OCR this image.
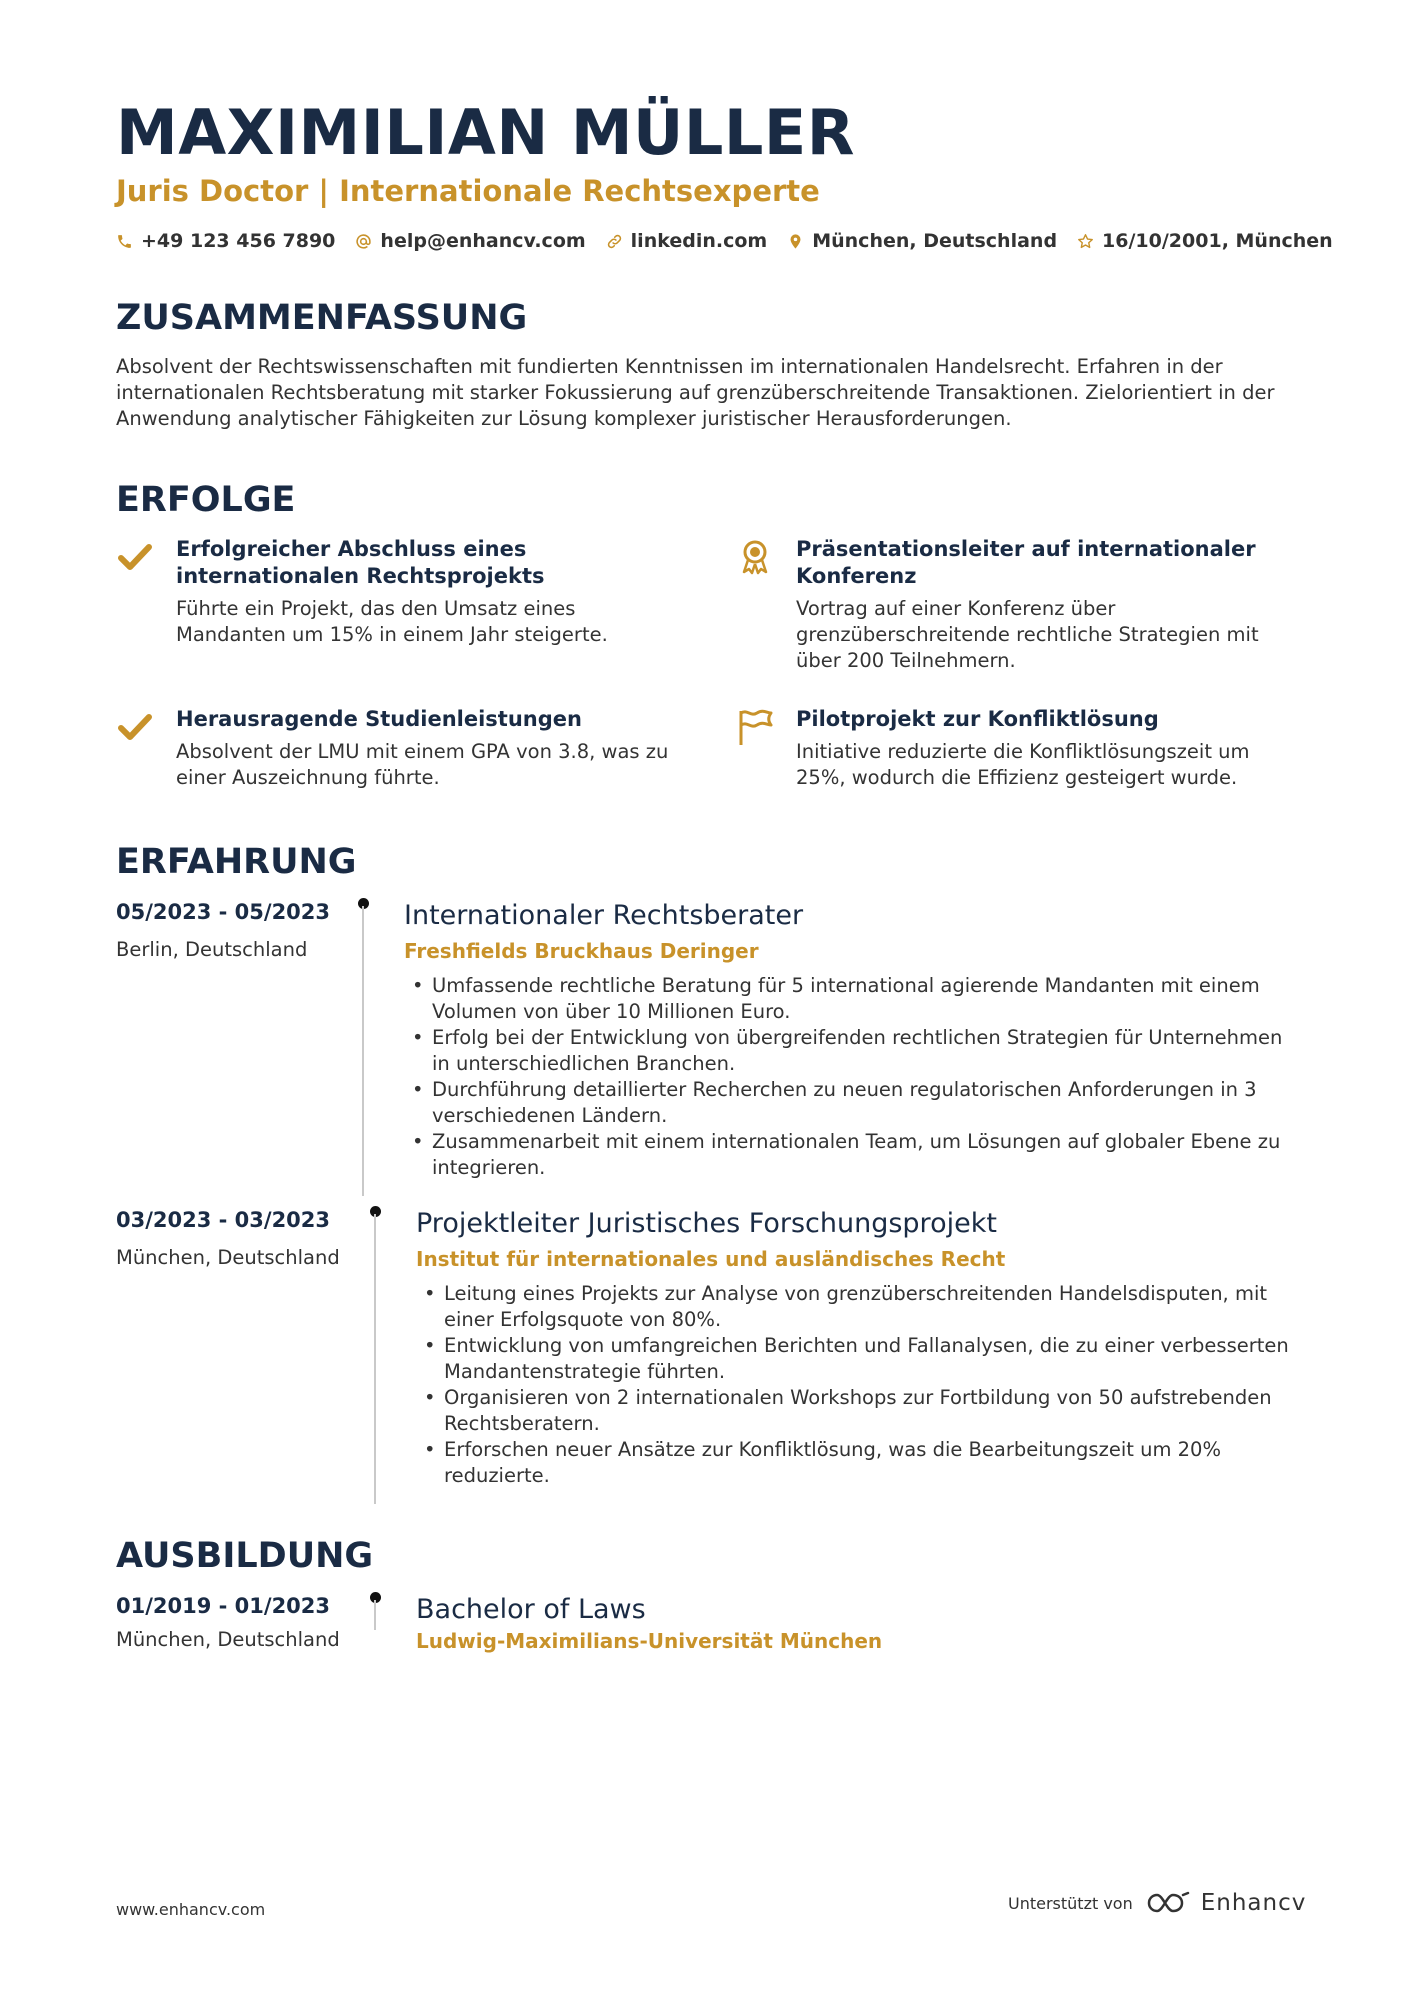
MAXIMILIAN MÜLLER
Juris Doctor | Internationale Rechtsexperte
+49 123 456 7890 help@enhancv.com linkedin.com München, Deutschland 16/10/2001, München
ZUSAMMENFASSUNG
Absolvent der Rechtswissenschaften mit fundierten Kenntnissen im internationalen Handelsrecht. Erfahren in der internationalen Rechtsberatung mit starker Fokussierung auf grenzüberschreitende Transaktionen. Zielorientiert in der Anwendung analytischer Fähigkeiten zur Lösung komplexer juristischer Herausforderungen.
ERFOLGE
Erfolgreicher Abschluss eines internationalen Rechtsprojekts
Führte ein Projekt, das den Umsatz eines Mandanten um 15% in einem Jahr steigerte.
Präsentationsleiter auf internationaler Konferenz
Vortrag auf einer Konferenz über grenzüberschreitende rechtliche Strategien mit über 200 Teilnehmern.
Herausragende Studienleistungen
Absolvent der LMU mit einem GPA von 3.8, was zu einer Auszeichnung führte.
Pilotprojekt zur Konfliktlösung
Initiative reduzierte die Konfliktlösungszeit um 25%, wodurch die Effizienz gesteigert wurde.
ERFAHRUNG
05/2023 - 05/2023
Berlin, Deutschland
Internationaler Rechtsberater
Freshfields Bruckhaus Deringer
• Umfassende rechtliche Beratung für 5 international agierende Mandanten mit einem Volumen von über 10 Millionen Euro.
• Erfolg bei der Entwicklung von übergreifenden rechtlichen Strategien für Unternehmen in unterschiedlichen Branchen.
• Durchführung detaillierter Recherchen zu neuen regulatorischen Anforderungen in 3 verschiedenen Ländern.
• Zusammenarbeit mit einem internationalen Team, um Lösungen auf globaler Ebene zu integrieren.
03/2023 - 03/2023
München, Deutschland
Projektleiter Juristisches Forschungsprojekt
Institut für internationales und ausländisches Recht
• Leitung eines Projekts zur Analyse von grenzüberschreitenden Handelsdisputen, mit einer Erfolgsquote von 80%.
• Entwicklung von umfangreichen Berichten und Fallanalysen, die zu einer verbesserten Mandantenstrategie führten.
• Organisieren von 2 internationalen Workshops zur Fortbildung von 50 aufstrebenden Rechtsberatern.
• Erforschen neuer Ansätze zur Konfliktlösung, was die Bearbeitungszeit um 20% reduzierte.
AUSBILDUNG
01/2019 - 01/2023
München, Deutschland
Bachelor of Laws
Ludwig-Maximilians-Universität München
www.enhancv.com	Unterstützt von	Enhancv
